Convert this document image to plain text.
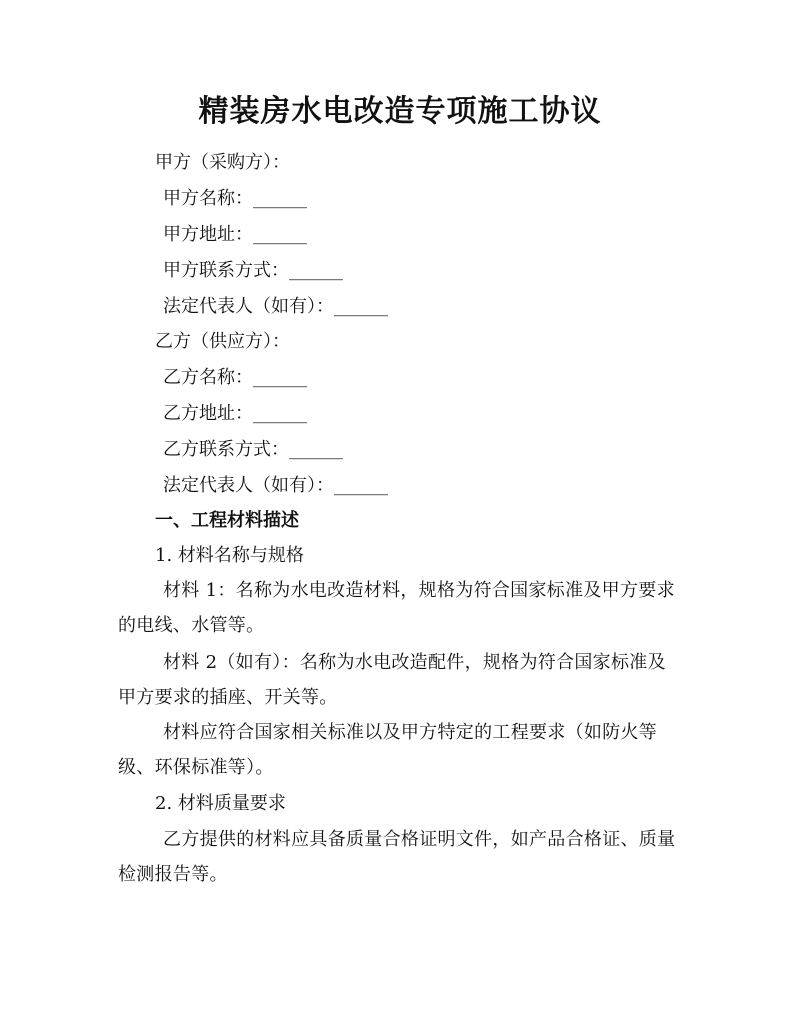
精装房水电改造专项施工协议
甲方（采购方）：
甲方名称：______
甲方地址：______
甲方联系方式：______
法定代表人（如有）：______
乙方（供应方）：
乙方名称：______
乙方地址：______
乙方联系方式：______
法定代表人（如有）：______
一、工程材料描述
1. 材料名称与规格
材料 1：名称为水电改造材料，规格为符合国家标准及甲方要求的电线、水管等。
材料 2（如有）：名称为水电改造配件，规格为符合国家标准及甲方要求的插座、开关等。
材料应符合国家相关标准以及甲方特定的工程要求（如防火等级、环保标准等）。
2. 材料质量要求
乙方提供的材料应具备质量合格证明文件，如产品合格证、质量检测报告等。
